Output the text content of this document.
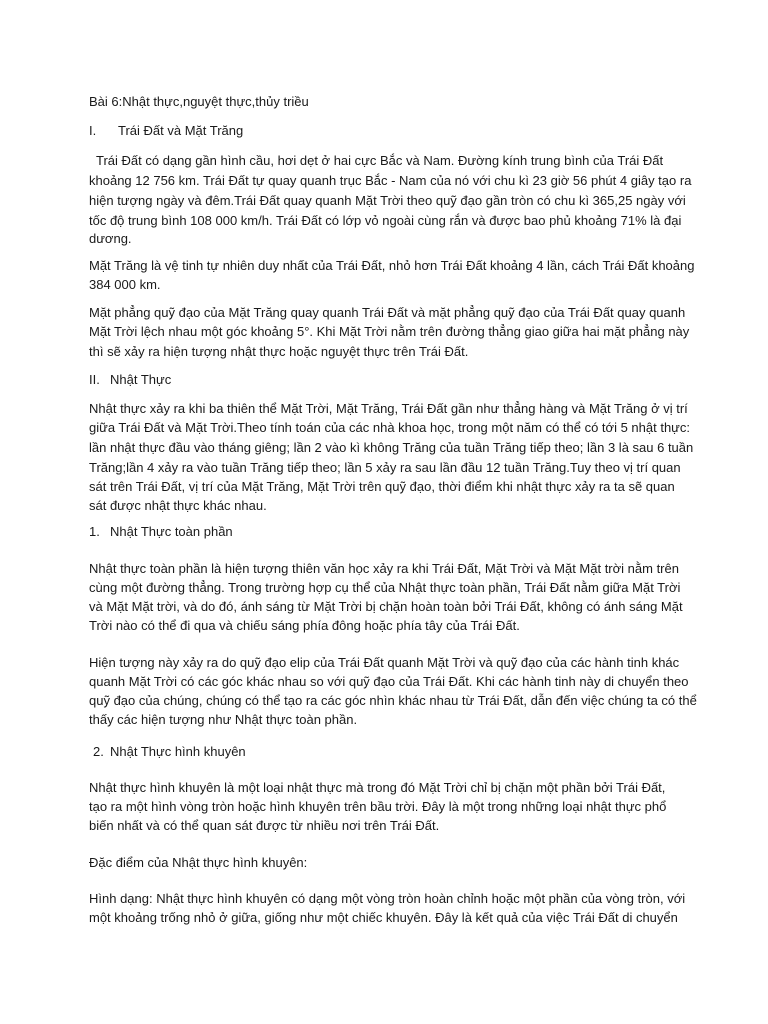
Bài 6:Nhật thực,nguyệt thực,thủy triều
I. Trái Đất và Mặt Trăng
Trái Đất có dạng gần hình cầu, hơi dẹt ở hai cực Bắc và Nam. Đường kính trung bình của Trái Đất
khoảng 12 756 km. Trái Đất tự quay quanh trục Bắc - Nam của nó với chu kì 23 giờ 56 phút 4 giây tạo ra
hiện tượng ngày và đêm.Trái Đất quay quanh Mặt Trời theo quỹ đạo gần tròn có chu kì 365,25 ngày với
tốc độ trung bình 108 000 km/h. Trái Đất có lớp vỏ ngoài cùng rắn và được bao phủ khoảng 71% là đại
dương.
Mặt Trăng là vệ tinh tự nhiên duy nhất của Trái Đất, nhỏ hơn Trái Đất khoảng 4 lần, cách Trái Đất khoảng
384 000 km.
Mặt phẳng quỹ đạo của Mặt Trăng quay quanh Trái Đất và mặt phẳng quỹ đạo của Trái Đất quay quanh
Mặt Trời lệch nhau một góc khoảng 5°. Khi Mặt Trời nằm trên đường thẳng giao giữa hai mặt phẳng này
thì sẽ xảy ra hiện tượng nhật thực hoặc nguyệt thực trên Trái Đất.
II. Nhật Thực
Nhật thực xảy ra khi ba thiên thể Mặt Trời, Mặt Trăng, Trái Đất gần như thẳng hàng và Mặt Trăng ở vị trí
giữa Trái Đất và Mặt Trời.Theo tính toán của các nhà khoa học, trong một năm có thể có tới 5 nhật thực:
lần nhật thực đầu vào tháng giêng; lần 2 vào kì không Trăng của tuần Trăng tiếp theo; lần 3 là sau 6 tuần
Trăng;lần 4 xảy ra vào tuần Trăng tiếp theo; lần 5 xảy ra sau lần đầu 12 tuần Trăng.Tuy theo vị trí quan
sát trên Trái Đất, vị trí của Mặt Trăng, Mặt Trời trên quỹ đạo, thời điểm khi nhật thực xảy ra ta sẽ quan
sát được nhật thực khác nhau.
1. Nhật Thực toàn phần
Nhật thực toàn phần là hiện tượng thiên văn học xảy ra khi Trái Đất, Mặt Trời và Mặt Mặt trời nằm trên
cùng một đường thẳng. Trong trường hợp cụ thể của Nhật thực toàn phần, Trái Đất nằm giữa Mặt Trời
và Mặt Mặt trời, và do đó, ánh sáng từ Mặt Trời bị chặn hoàn toàn bởi Trái Đất, không có ánh sáng Mặt
Trời nào có thể đi qua và chiếu sáng phía đông hoặc phía tây của Trái Đất.
Hiện tượng này xảy ra do quỹ đạo elip của Trái Đất quanh Mặt Trời và quỹ đạo của các hành tinh khác
quanh Mặt Trời có các góc khác nhau so với quỹ đạo của Trái Đất. Khi các hành tinh này di chuyển theo
quỹ đạo của chúng, chúng có thể tạo ra các góc nhìn khác nhau từ Trái Đất, dẫn đến việc chúng ta có thể
thấy các hiện tượng như Nhật thực toàn phần.
2. Nhật Thực hình khuyên
Nhật thực hình khuyên là một loại nhật thực mà trong đó Mặt Trời chỉ bị chặn một phần bởi Trái Đất,
tạo ra một hình vòng tròn hoặc hình khuyên trên bầu trời. Đây là một trong những loại nhật thực phổ
biến nhất và có thể quan sát được từ nhiều nơi trên Trái Đất.
Đặc điểm của Nhật thực hình khuyên:
Hình dạng: Nhật thực hình khuyên có dạng một vòng tròn hoàn chỉnh hoặc một phần của vòng tròn, với
một khoảng trống nhỏ ở giữa, giống như một chiếc khuyên. Đây là kết quả của việc Trái Đất di chuyển
